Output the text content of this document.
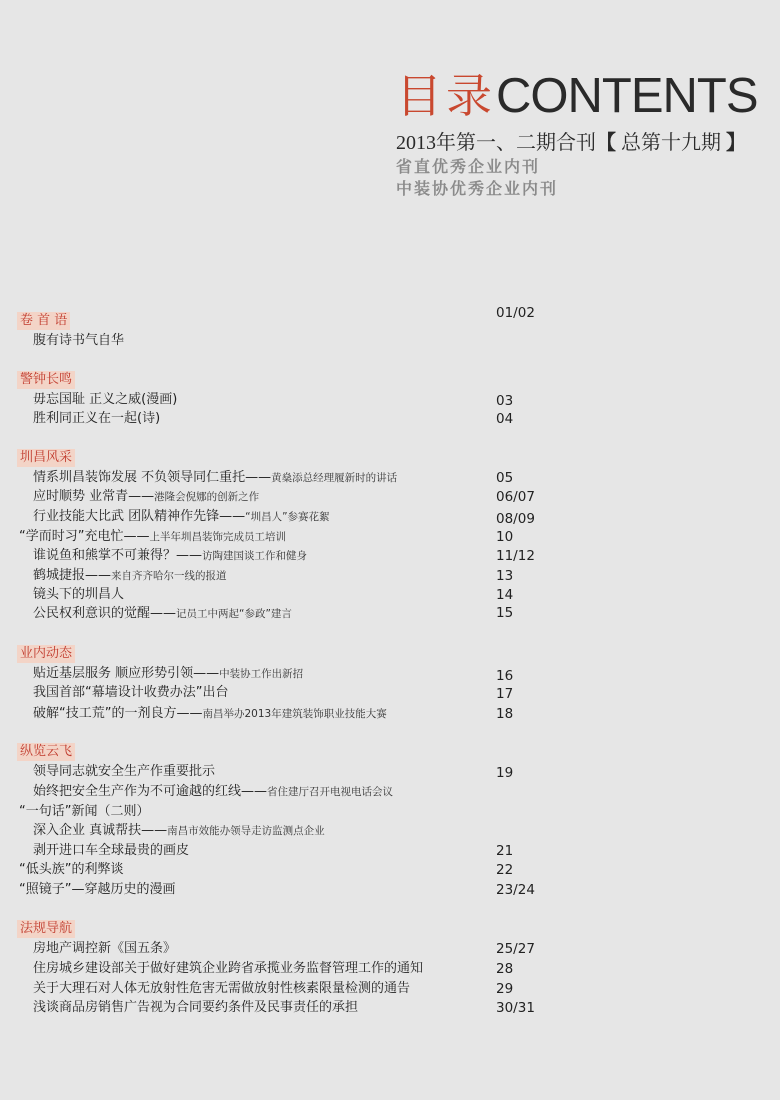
目录 CONTENTS
2013年第一、二期合刊【 总第十九期 】
省直优秀企业内刊
中装协优秀企业内刊
卷 首 语	01/02
腹有诗书气自华
警钟长鸣
毋忘国耻 正义之威(漫画)	03
胜利同正义在一起(诗)	04
圳昌风采
情系圳昌装饰发展 不负领导同仁重托——黄燊添总经理履新时的讲话	05
应时顺势 业常青——港隆会倪娜的创新之作	06/07
行业技能大比武 团队精神作先锋——“圳昌人”参赛花絮	08/09
“学而时习”充电忙——上半年圳昌装饰完成员工培训	10
谁说鱼和熊掌不可兼得？——访陶建国谈工作和健身	11/12
鹤城捷报——来自齐齐哈尔一线的报道	13
镜头下的圳昌人	14
公民权利意识的觉醒——记员工中两起“参政”建言	15
业内动态
贴近基层服务 顺应形势引领——中装协工作出新招	16
我国首部“幕墙设计收费办法”出台	17
破解“技工荒”的一剂良方——南昌举办2013年建筑装饰职业技能大赛	18
纵览云飞
领导同志就安全生产作重要批示	19
始终把安全生产作为不可逾越的红线——省住建厅召开电视电话会议
“一句话”新闻（二则）
深入企业 真诚帮扶——南昌市效能办领导走访监测点企业
剥开进口车全球最贵的画皮	21
“低头族”的利弊谈	22
“照镜子”—穿越历史的漫画	23/24
法规导航
房地产调控新《国五条》	25/27
住房城乡建设部关于做好建筑企业跨省承揽业务监督管理工作的通知	28
关于大理石对人体无放射性危害无需做放射性核素限量检测的通告	29
浅谈商品房销售广告视为合同要约条件及民事责任的承担	30/31
